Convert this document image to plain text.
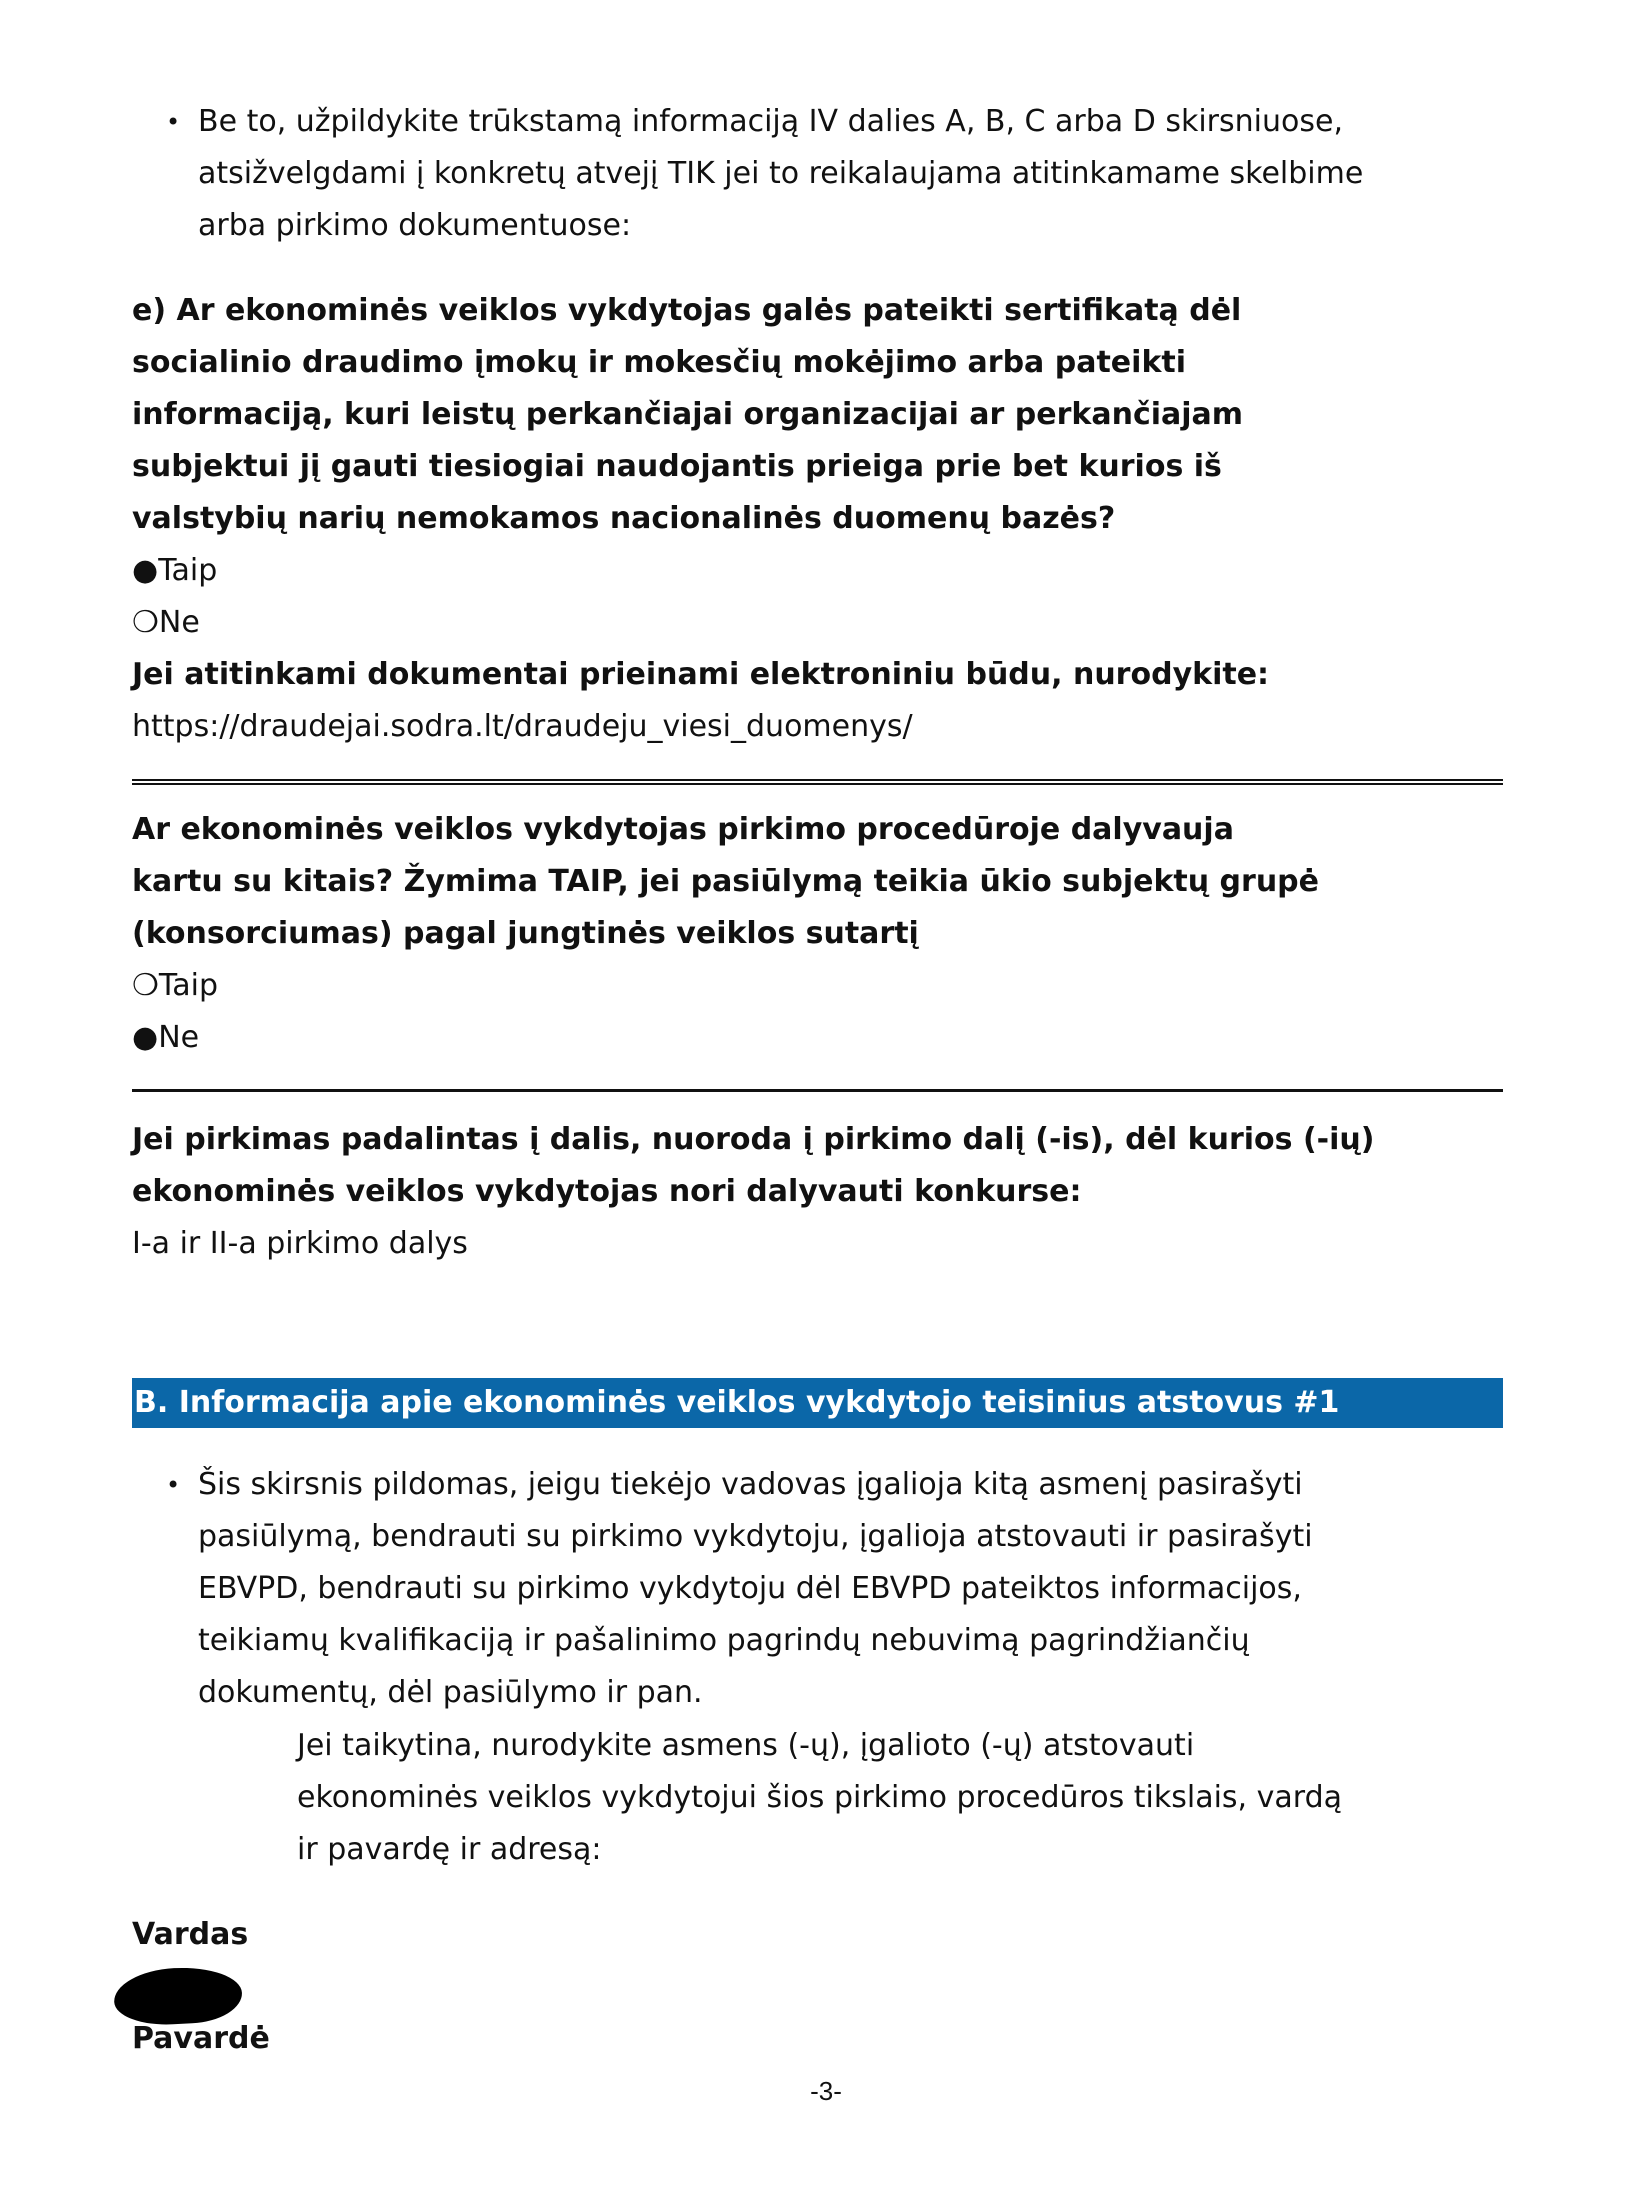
• Be to, užpildykite trūkstamą informaciją IV dalies A, B, C arba D skirsniuose,
atsižvelgdami į konkretų atvejį TIK jei to reikalaujama atitinkamame skelbime
arba pirkimo dokumentuose:
e) Ar ekonominės veiklos vykdytojas galės pateikti sertifikatą dėl
socialinio draudimo įmokų ir mokesčių mokėjimo arba pateikti
informaciją, kuri leistų perkančiajai organizacijai ar perkančiajam
subjektui jį gauti tiesiogiai naudojantis prieiga prie bet kurios iš
valstybių narių nemokamos nacionalinės duomenų bazės?
●Taip
❍Ne
Jei atitinkami dokumentai prieinami elektroniniu būdu, nurodykite:
https://draudejai.sodra.lt/draudeju_viesi_duomenys/
Ar ekonominės veiklos vykdytojas pirkimo procedūroje dalyvauja
kartu su kitais? Žymima TAIP, jei pasiūlymą teikia ūkio subjektų grupė
(konsorciumas) pagal jungtinės veiklos sutartį
❍Taip
●Ne
Jei pirkimas padalintas į dalis, nuoroda į pirkimo dalį (-is), dėl kurios (-ių)
ekonominės veiklos vykdytojas nori dalyvauti konkurse:
I-a ir II-a pirkimo dalys
B. Informacija apie ekonominės veiklos vykdytojo teisinius atstovus #1
• Šis skirsnis pildomas, jeigu tiekėjo vadovas įgalioja kitą asmenį pasirašyti
pasiūlymą, bendrauti su pirkimo vykdytoju, įgalioja atstovauti ir pasirašyti
EBVPD, bendrauti su pirkimo vykdytoju dėl EBVPD pateiktos informacijos,
teikiamų kvalifikaciją ir pašalinimo pagrindų nebuvimą pagrindžiančių
dokumentų, dėl pasiūlymo ir pan.
Jei taikytina, nurodykite asmens (-ų), įgalioto (-ų) atstovauti
ekonominės veiklos vykdytojui šios pirkimo procedūros tikslais, vardą
ir pavardę ir adresą:
Vardas
Pavardė
-3-
